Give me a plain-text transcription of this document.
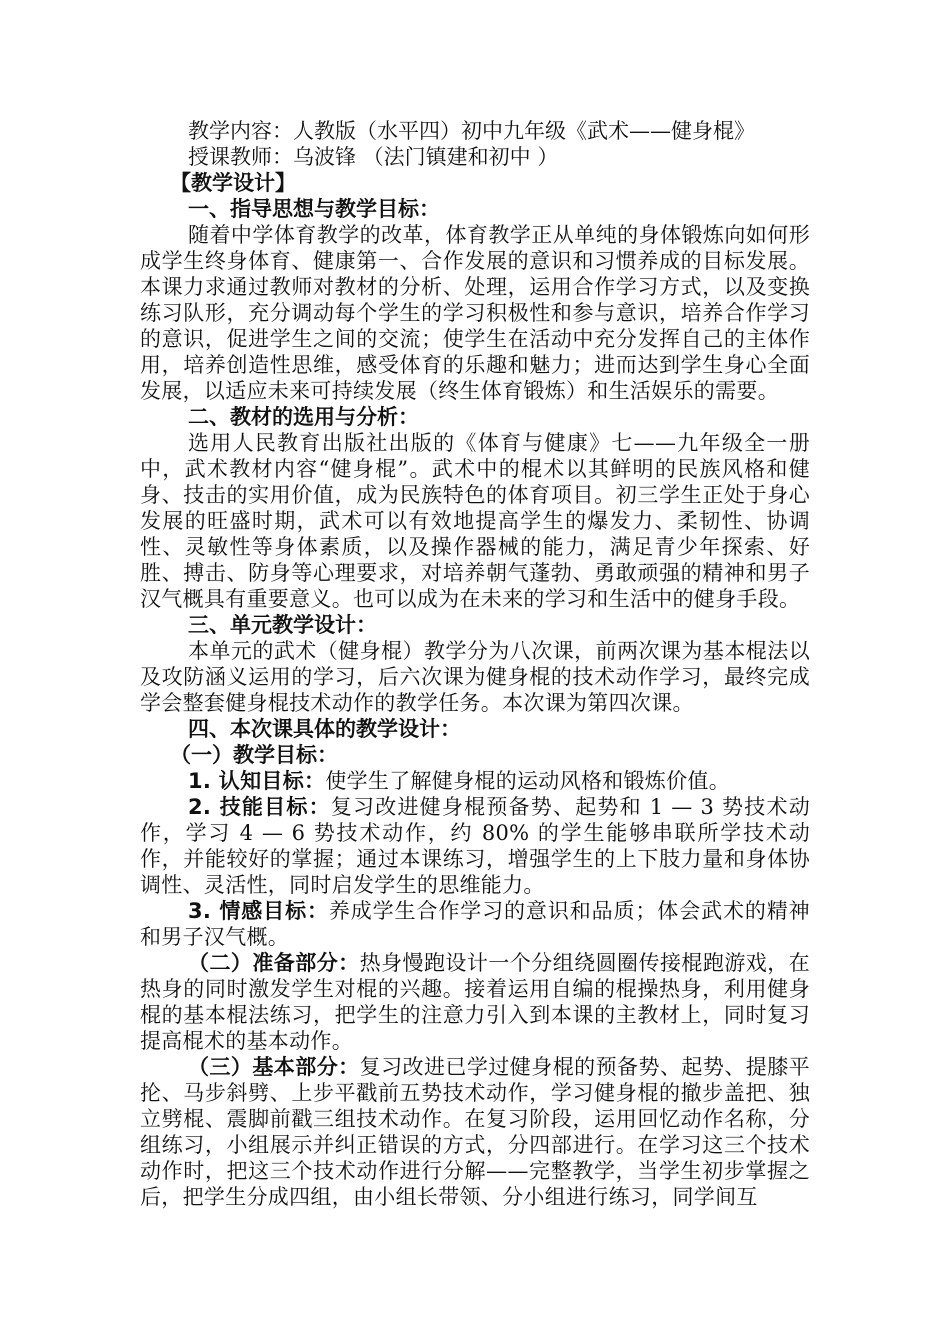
教学内容：人教版（水平四）初中九年级《武术——健身棍》

授课教师：乌波锋 （法门镇建和初中 ）

【教学设计】

一、指导思想与教学目标：

随着中学体育教学的改革，体育教学正从单纯的身体锻炼向如何形成学生终身体育、健康第一、合作发展的意识和习惯养成的目标发展。本课力求通过教师对教材的分析、处理，运用合作学习方式，以及变换练习队形，充分调动每个学生的学习积极性和参与意识，培养合作学习的意识，促进学生之间的交流；使学生在活动中充分发挥自己的主体作用，培养创造性思维，感受体育的乐趣和魅力；进而达到学生身心全面发展，以适应未来可持续发展（终生体育锻炼）和生活娱乐的需要。

二、教材的选用与分析：

选用人民教育出版社出版的《体育与健康》七——九年级全一册中，武术教材内容“健身棍”。武术中的棍术以其鲜明的民族风格和健身、技击的实用价值，成为民族特色的体育项目。初三学生正处于身心发展的旺盛时期，武术可以有效地提高学生的爆发力、柔韧性、协调性、灵敏性等身体素质，以及操作器械的能力，满足青少年探索、好胜、搏击、防身等心理要求，对培养朝气蓬勃、勇敢顽强的精神和男子汉气概具有重要意义。也可以成为在未来的学习和生活中的健身手段。

三、单元教学设计：

本单元的武术（健身棍）教学分为八次课，前两次课为基本棍法以及攻防涵义运用的学习，后六次课为健身棍的技术动作学习，最终完成学会整套健身棍技术动作的教学任务。本次课为第四次课。

四、本次课具体的教学设计：

（一）教学目标：

1. 认知目标：使学生了解健身棍的运动风格和锻炼价值。

2. 技能目标：复习改进健身棍预备势、起势和 1 — 3 势技术动作，学习 4 — 6 势技术动作，约 80% 的学生能够串联所学技术动作，并能较好的掌握；通过本课练习，增强学生的上下肢力量和身体协调性、灵活性，同时启发学生的思维能力。

3. 情感目标：养成学生合作学习的意识和品质；体会武术的精神和男子汉气概。

（二）准备部分：热身慢跑设计一个分组绕圆圈传接棍跑游戏，在热身的同时激发学生对棍的兴趣。接着运用自编的棍操热身，利用健身棍的基本棍法练习，把学生的注意力引入到本课的主教材上，同时复习提高棍术的基本动作。

（三）基本部分：复习改进已学过健身棍的预备势、起势、提膝平抡、马步斜劈、上步平戳前五势技术动作，学习健身棍的撤步盖把、独立劈棍、震脚前戳三组技术动作。在复习阶段，运用回忆动作名称，分组练习，小组展示并纠正错误的方式，分四部进行。在学习这三个技术动作时，把这三个技术动作进行分解——完整教学，当学生初步掌握之后，把学生分成四组，由小组长带领、分小组进行练习，同学间互
